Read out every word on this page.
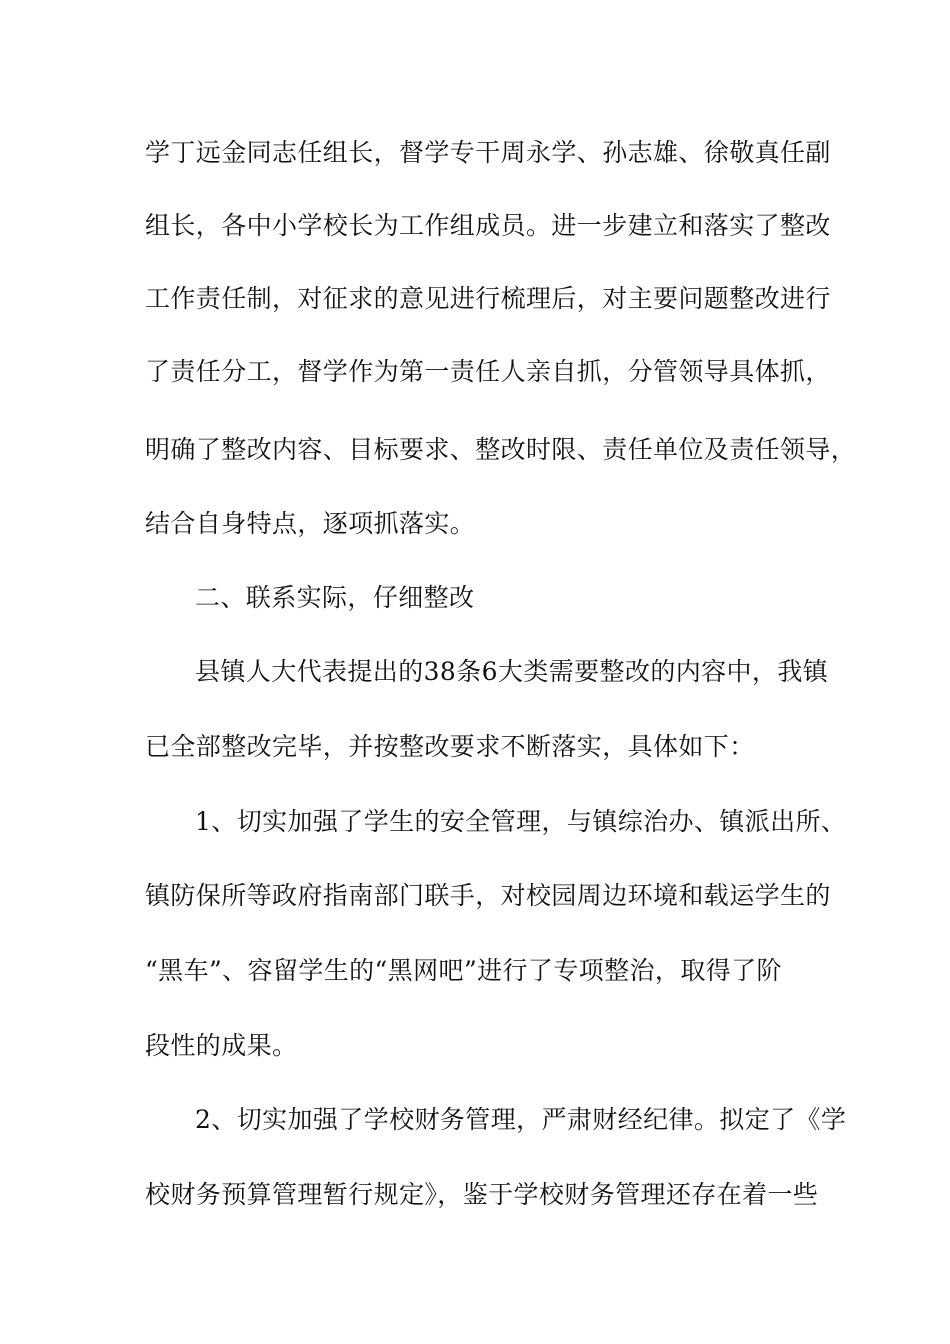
学丁远金同志任组长，督学专干周永学、孙志雄、徐敬真任副
组长，各中小学校长为工作组成员。进一步建立和落实了整改
工作责任制，对征求的意见进行梳理后，对主要问题整改进行
了责任分工，督学作为第一责任人亲自抓，分管领导具体抓，
明确了整改内容、目标要求、整改时限、责任单位及责任领导，
结合自身特点，逐项抓落实。
二、联系实际，仔细整改
县镇人大代表提出的38条6大类需要整改的内容中，我镇
已全部整改完毕，并按整改要求不断落实，具体如下：
1、切实加强了学生的安全管理，与镇综治办、镇派出所、
镇防保所等政府指南部门联手，对校园周边环境和载运学生的
“黑车”、容留学生的“黑网吧”进行了专项整治，取得了阶
段性的成果。
2、切实加强了学校财务管理，严肃财经纪律。拟定了《学
校财务预算管理暂行规定》，鉴于学校财务管理还存在着一些
